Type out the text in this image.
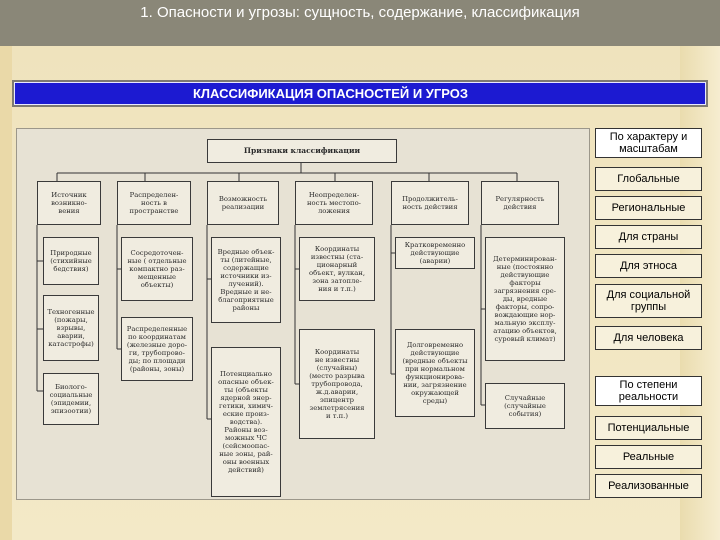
1. Опасности и угрозы: сущность, содержание, классификация
КЛАССИФИКАЦИЯ ОПАСНОСТЕЙ И УГРОЗ
Признаки классификации
Источник
возникно-
вения
Распределен-
ность в
пространстве
Возможность
реализации
Неопределен-
ность местопо-
ложения
Продолжитель-
ность действия
Регулярность
действия
Природные
(стихийные
бедствия)
Техногенные
(пожары,
взрывы,
аварии,
катастрофы)
Биолого-
социальные
(эпидемии,
эпизоотии)
Сосредоточен-
ные ( отдельные
компактно раз-
мещенные
объекты)
Распределенные
по координатам
(железные доро-
ги, трубопрово-
ды; по площади
(районы, зоны)
Вредные объек-
ты (литейные,
содержащие
источники из-
лучений).
Вредные и не-
благоприятные
районы
Потенциально
опасные объек-
ты (объекты
ядерной энер-
гетики, химич-
еские произ-
водства).
Районы воз-
можных ЧС
(сейсмоопас-
ные зоны, рай-
оны военных
действий)
Координаты
известны (ста-
ционарный
объект, вулкан,
зона затопле-
ния и т.п.)
Координаты
не известны
(случайны)
(место разрыва
трубопровода,
ж.д.аварии,
эпицентр
землетрясения
и т.п.)
Кратковременно
действующие
(аварии)
Долговременно
действующие
(вредные объекты
при нормальном
функционирова-
нии, загрязнение
окружающей
среды)
Детерминирован-
ные (постоянно
действующие
факторы
загрязнения сре-
ды, вредные
факторы, сопро-
вождающие нор-
мальную эксплу-
атацию объектов,
суровый климат)
Случайные
(случайные
события)
По характеру и масштабам
Глобальные
Региональные
Для страны
Для этноса
Для социальной группы
Для человека
По степени реальности
Потенциальные
Реальные
Реализованные
